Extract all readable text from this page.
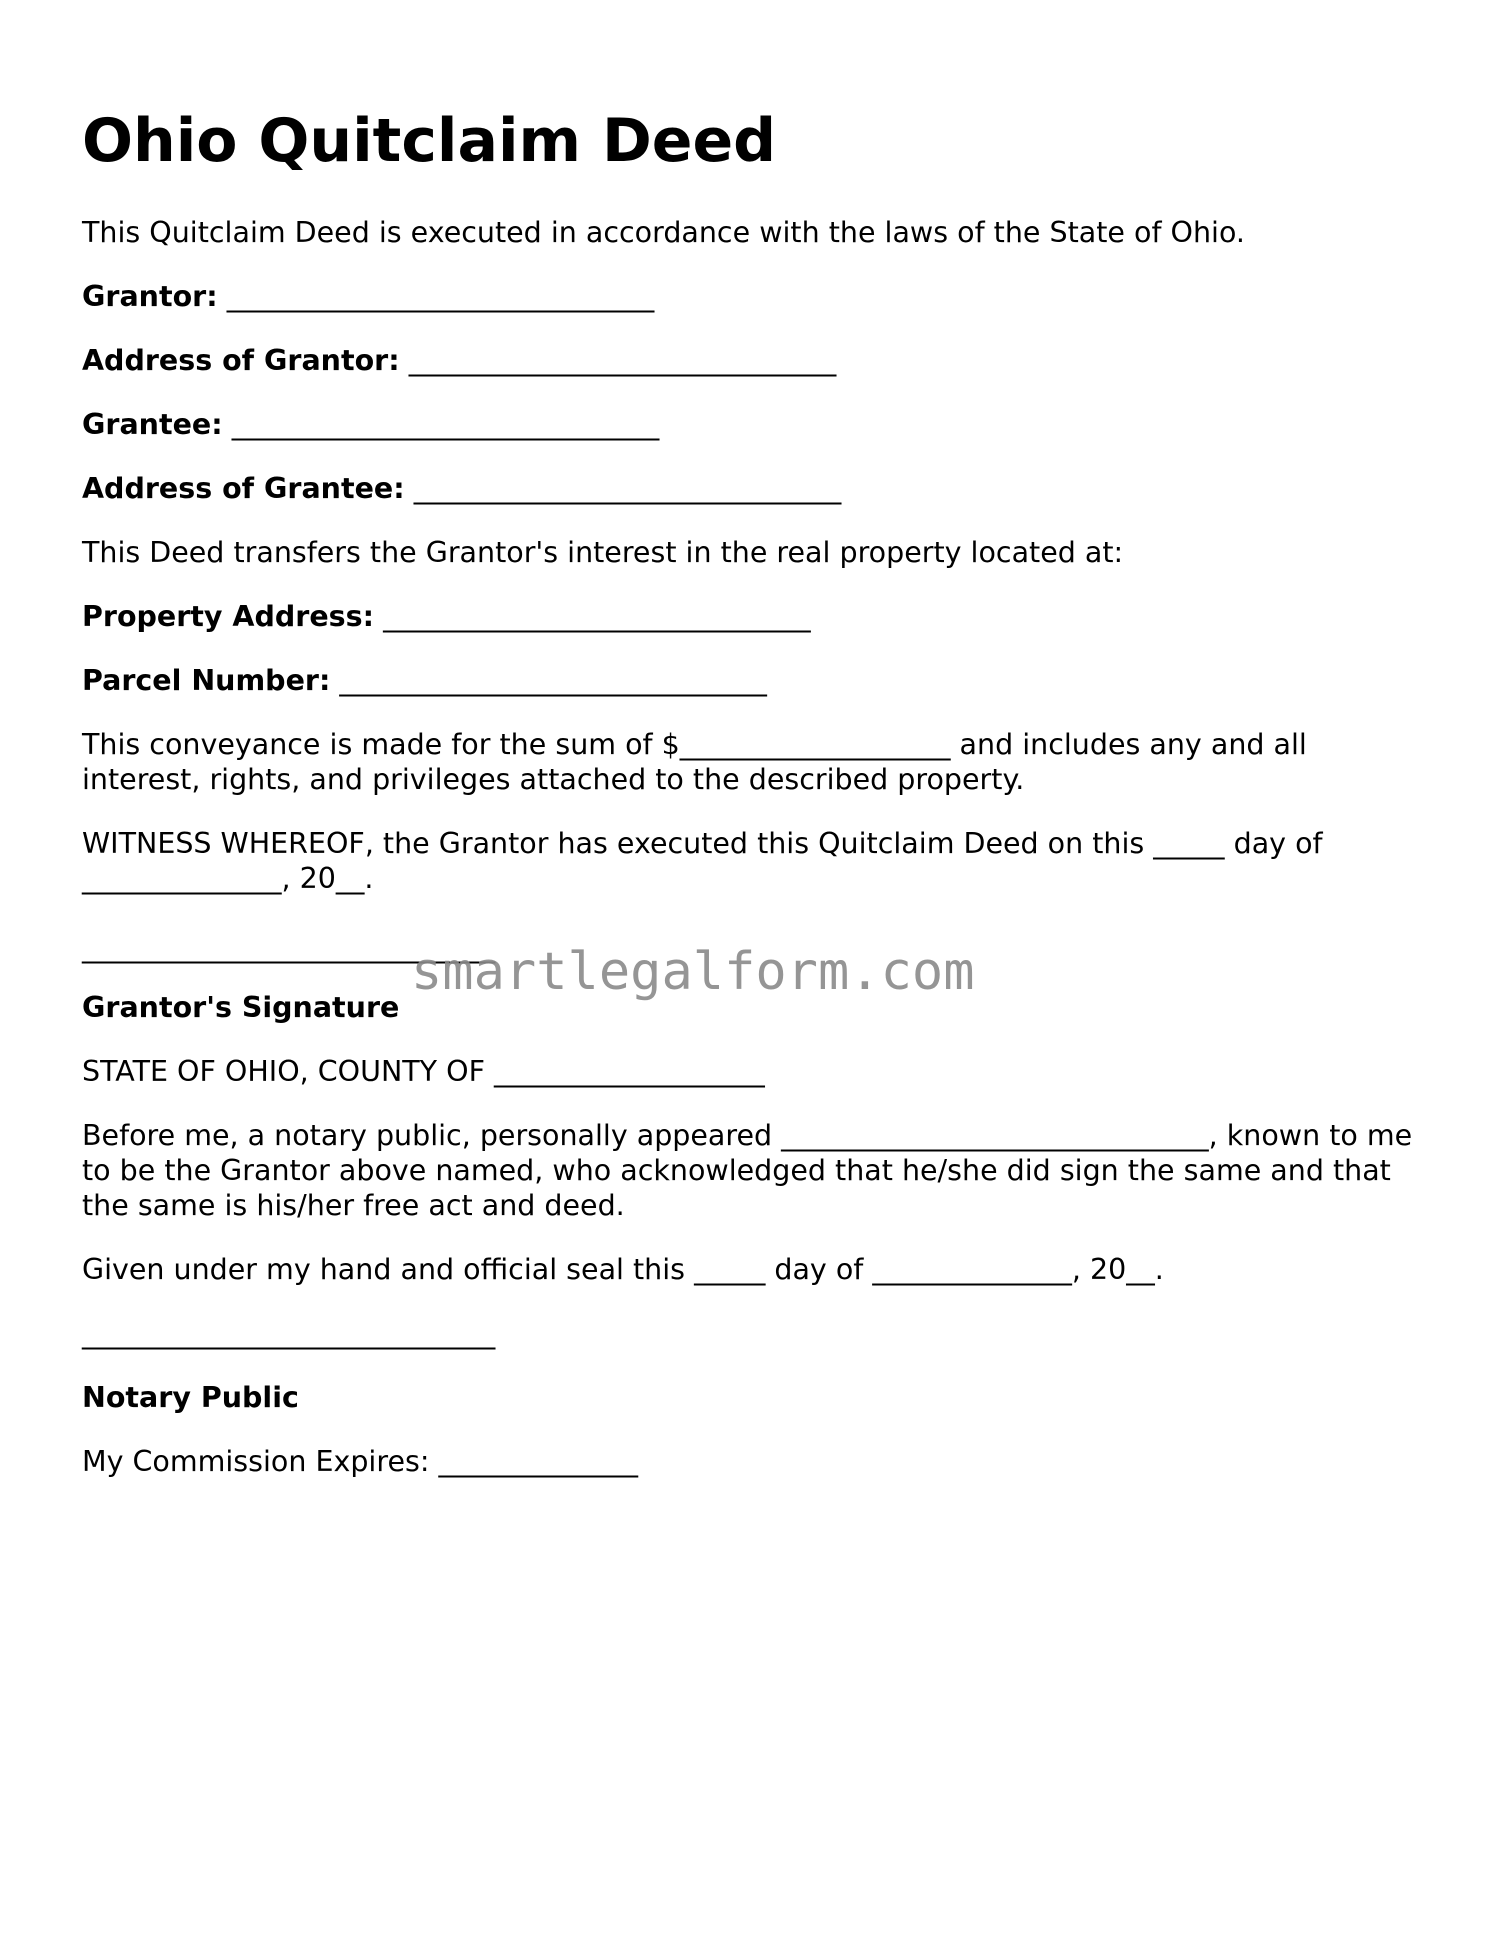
Ohio Quitclaim Deed

This Quitclaim Deed is executed in accordance with the laws of the State of Ohio.

Grantor: ______________________________

Address of Grantor: ______________________________

Grantee: ______________________________

Address of Grantee: ______________________________

This Deed transfers the Grantor's interest in the real property located at:

Property Address: ______________________________

Parcel Number: ______________________________

This conveyance is made for the sum of $___________________ and includes any and all interest, rights, and privileges attached to the described property.

WITNESS WHEREOF, the Grantor has executed this Quitclaim Deed on this _____ day of ______________, 20__.

_____________________________

Grantor's Signature

STATE OF OHIO, COUNTY OF ___________________

Before me, a notary public, personally appeared ______________________________, known to me to be the Grantor above named, who acknowledged that he/she did sign the same and that the same is his/her free act and deed.

Given under my hand and official seal this _____ day of ______________, 20__.

_____________________________

Notary Public

My Commission Expires: ______________

smartlegalform.com
